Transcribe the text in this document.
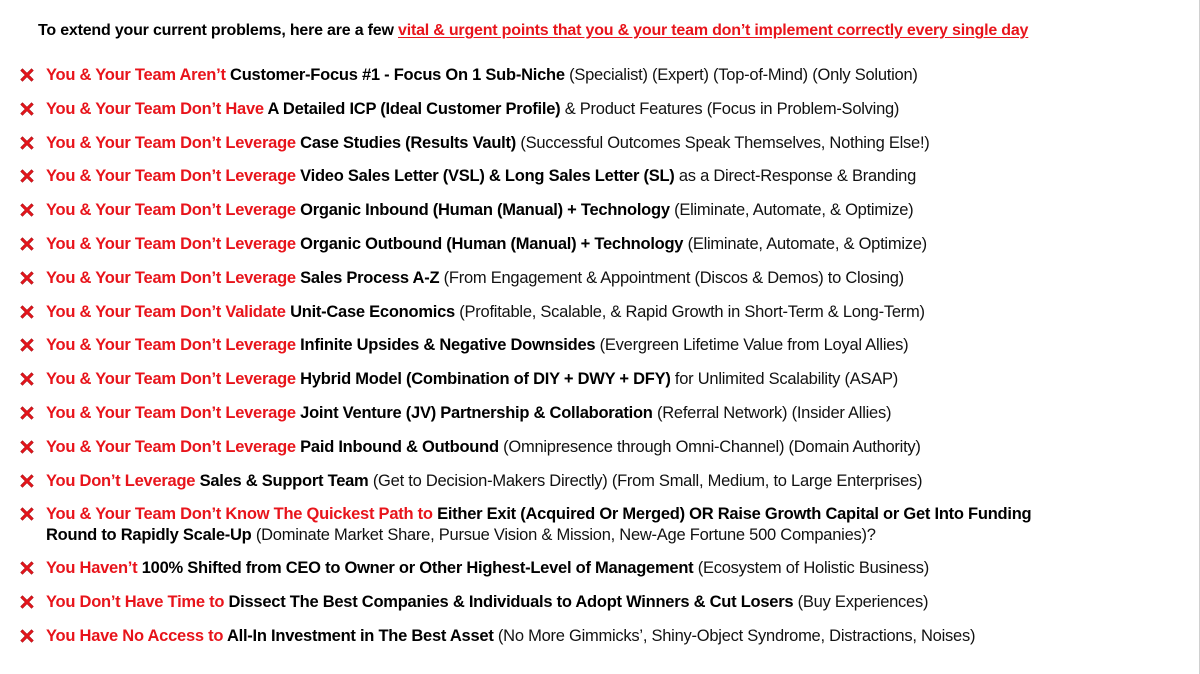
To extend your current problems, here are a few vital & urgent points that you & your team don’t implement correctly every single day
You & Your Team Aren’t Customer-Focus #1 - Focus On 1 Sub-Niche (Specialist) (Expert) (Top-of-Mind) (Only Solution)
You & Your Team Don’t Have A Detailed ICP (Ideal Customer Profile) & Product Features (Focus in Problem-Solving)
You & Your Team Don’t Leverage Case Studies (Results Vault) (Successful Outcomes Speak Themselves, Nothing Else!)
You & Your Team Don’t Leverage Video Sales Letter (VSL) & Long Sales Letter (SL) as a Direct-Response & Branding
You & Your Team Don’t Leverage Organic Inbound (Human (Manual) + Technology (Eliminate, Automate, & Optimize)
You & Your Team Don’t Leverage Organic Outbound (Human (Manual) + Technology (Eliminate, Automate, & Optimize)
You & Your Team Don’t Leverage Sales Process A-Z (From Engagement & Appointment (Discos & Demos) to Closing)
You & Your Team Don’t Validate Unit-Case Economics (Profitable, Scalable, & Rapid Growth in Short-Term & Long-Term)
You & Your Team Don’t Leverage Infinite Upsides & Negative Downsides (Evergreen Lifetime Value from Loyal Allies)
You & Your Team Don’t Leverage Hybrid Model (Combination of DIY + DWY + DFY) for Unlimited Scalability (ASAP)
You & Your Team Don’t Leverage Joint Venture (JV) Partnership & Collaboration (Referral Network) (Insider Allies)
You & Your Team Don’t Leverage Paid Inbound & Outbound (Omnipresence through Omni-Channel) (Domain Authority)
You Don’t Leverage Sales & Support Team (Get to Decision-Makers Directly) (From Small, Medium, to Large Enterprises)
You & Your Team Don’t Know The Quickest Path to Either Exit (Acquired Or Merged) OR Raise Growth Capital or Get Into Funding Round to Rapidly Scale-Up (Dominate Market Share, Pursue Vision & Mission, New-Age Fortune 500 Companies)?
You Haven’t 100% Shifted from CEO to Owner or Other Highest-Level of Management (Ecosystem of Holistic Business)
You Don’t Have Time to Dissect The Best Companies & Individuals to Adopt Winners & Cut Losers (Buy Experiences)
You Have No Access to All-In Investment in The Best Asset (No More Gimmicks’, Shiny-Object Syndrome, Distractions, Noises)
